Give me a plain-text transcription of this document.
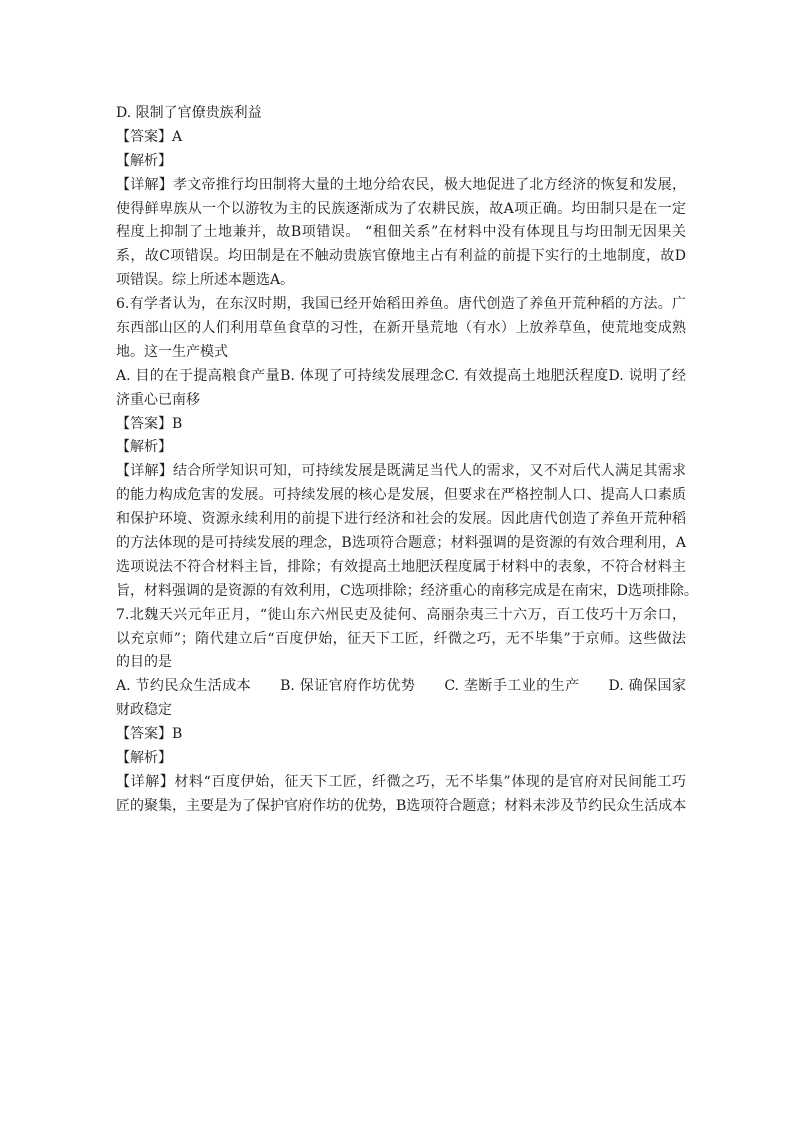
D. 限制了官僚贵族利益
【答案】A
【解析】
【详解】孝文帝推行均田制将大量的土地分给农民，极大地促进了北方经济的恢复和发展，
使得鲜卑族从一个以游牧为主的民族逐渐成为了农耕民族，故A项正确。均田制只是在一定
程度上抑制了土地兼并，故B项错误。 “租佃关系”在材料中没有体现且与均田制无因果关
系，故C项错误。均田制是在不触动贵族官僚地主占有利益的前提下实行的土地制度，故D
项错误。综上所述本题选A。
6.有学者认为，在东汉时期，我国已经开始稻田养鱼。唐代创造了养鱼开荒种稻的方法。广
东西部山区的人们利用草鱼食草的习性，在新开垦荒地（有水）上放养草鱼，使荒地变成熟
地。这一生产模式
A. 目的在于提高粮食产量B. 体现了可持续发展理念C. 有效提高土地肥沃程度D. 说明了经
济重心已南移
【答案】B
【解析】
【详解】结合所学知识可知，可持续发展是既满足当代人的需求，又不对后代人满足其需求
的能力构成危害的发展。可持续发展的核心是发展，但要求在严格控制人口、提高人口素质
和保护环境、资源永续利用的前提下进行经济和社会的发展。因此唐代创造了养鱼开荒种稻
的方法体现的是可持续发展的理念，B选项符合题意；材料强调的是资源的有效合理利用，A
选项说法不符合材料主旨，排除；有效提高土地肥沃程度属于材料中的表象，不符合材料主
旨，材料强调的是资源的有效利用，C选项排除；经济重心的南移完成是在南宋，D选项排除。
7.北魏天兴元年正月，“徙山东六州民吏及徒何、高丽杂夷三十六万，百工伎巧十万余口，
以充京师”；隋代建立后“百度伊始，征天下工匠，纤微之巧，无不毕集”于京师。这些做法
的目的是
A. 节约民众生活成本　　B. 保证官府作坊优势　　C. 垄断手工业的生产　　D. 确保国家
财政稳定
【答案】B
【解析】
【详解】材料“百度伊始，征天下工匠，纤微之巧，无不毕集”体现的是官府对民间能工巧
匠的聚集，主要是为了保护官府作坊的优势，B选项符合题意；材料未涉及节约民众生活成本
